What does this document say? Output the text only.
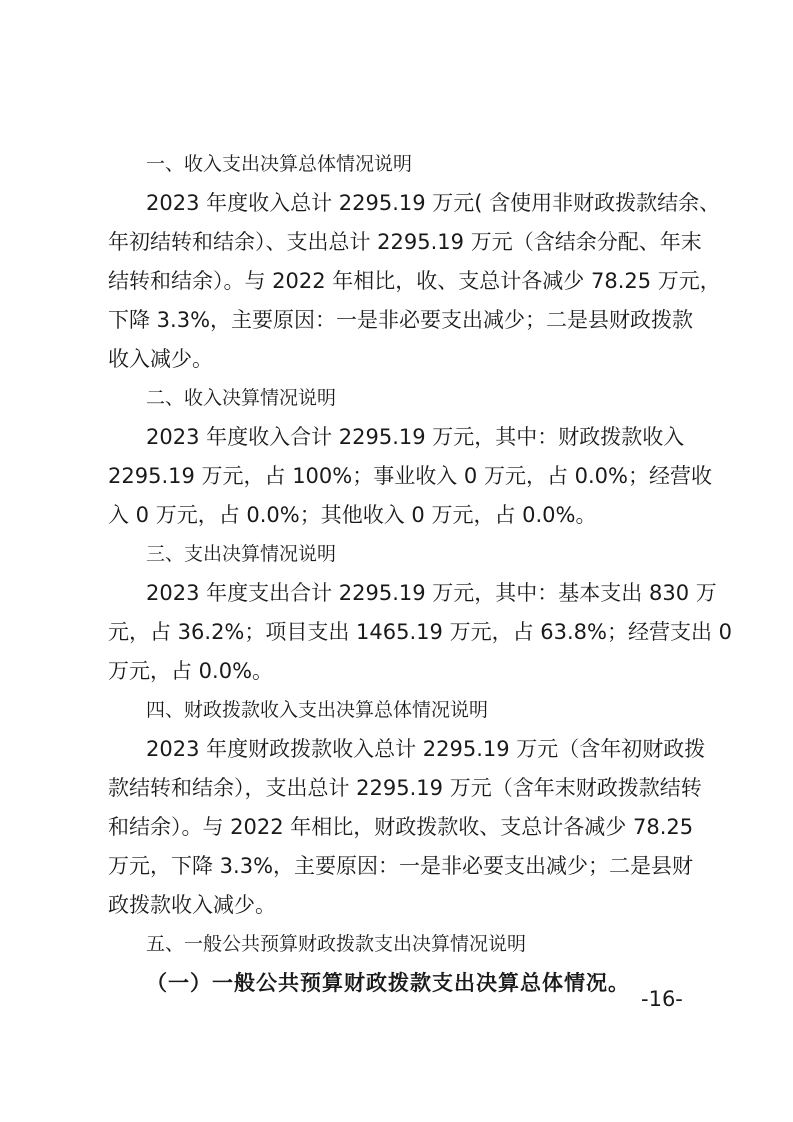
一、收入支出决算总体情况说明

2023 年度收入总计 2295.19 万元( 含使用非财政拨款结余、
年初结转和结余）、支出总计 2295.19 万元（含结余分配、年末
结转和结余）。与 2022 年相比，收、支总计各减少 78.25 万元，
下降 3.3%，主要原因：一是非必要支出减少；二是县财政拨款
收入减少。

二、收入决算情况说明

2023 年度收入合计 2295.19 万元，其中：财政拨款收入
2295.19 万元，占 100%；事业收入 0 万元，占 0.0%；经营收
入 0 万元，占 0.0%；其他收入 0 万元，占 0.0%。

三、支出决算情况说明

2023 年度支出合计 2295.19 万元，其中：基本支出 830 万
元，占 36.2%；项目支出 1465.19 万元，占 63.8%；经营支出 0
万元，占 0.0%。

四、财政拨款收入支出决算总体情况说明

2023 年度财政拨款收入总计 2295.19 万元（含年初财政拨
款结转和结余），支出总计 2295.19 万元（含年末财政拨款结转
和结余）。与 2022 年相比，财政拨款收、支总计各减少 78.25
万元，下降 3.3%，主要原因：一是非必要支出减少；二是县财
政拨款收入减少。

五、一般公共预算财政拨款支出决算情况说明

（一）一般公共预算财政拨款支出决算总体情况。

-16-
